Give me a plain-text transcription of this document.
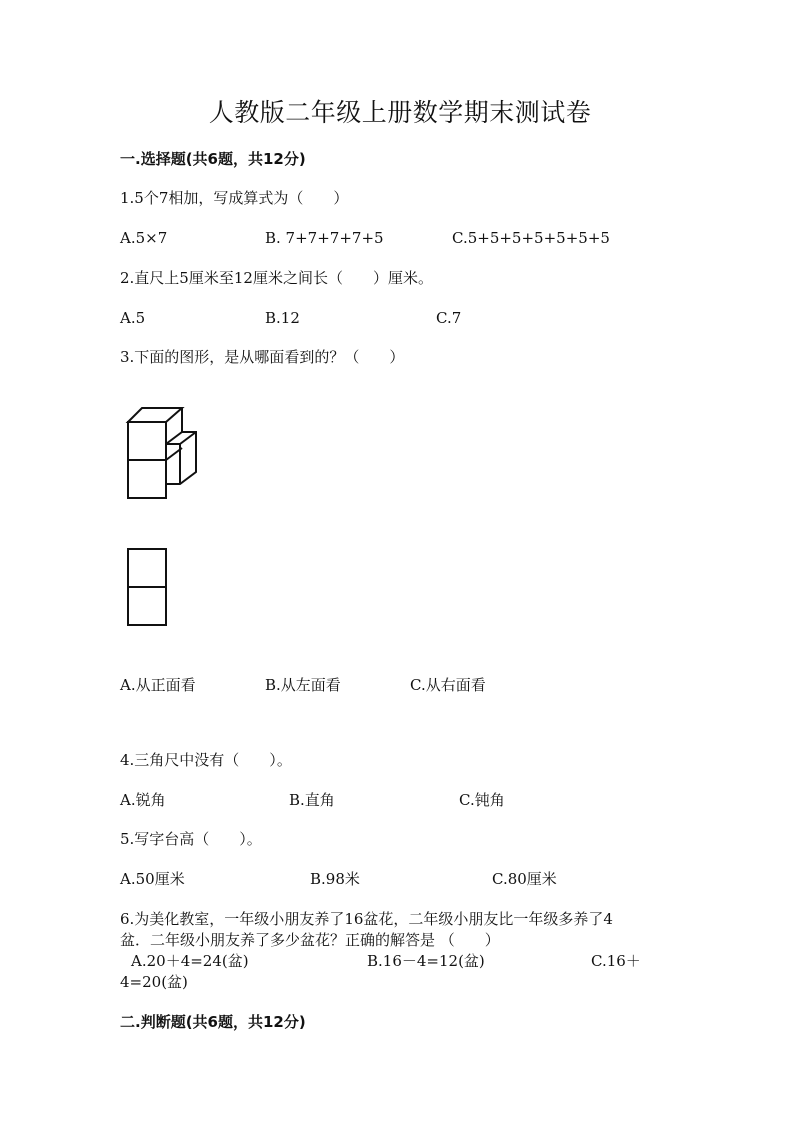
人教版二年级上册数学期末测试卷
一.选择题(共6题，共12分)
1.5个7相加，写成算式为（　　）
A.5×7	B. 7+7+7+7+5	C.5+5+5+5+5+5+5
2.直尺上5厘米至12厘米之间长（　　）厘米。
A.5	B.12	C.7
3.下面的图形，是从哪面看到的？（　　）
A.从正面看	B.从左面看	C.从右面看
4.三角尺中没有（　　）。
A.锐角	B.直角	C.钝角
5.写字台高（　　）。
A.50厘米	B.98米	C.80厘米
6.为美化教室，一年级小朋友养了16盆花，二年级小朋友比一年级多养了4
盆．二年级小朋友养了多少盆花？正确的解答是 （　　）
A.20＋4=24(盆)	B.16－4=12(盆)	C.16＋
4=20(盆)
二.判断题(共6题，共12分)
